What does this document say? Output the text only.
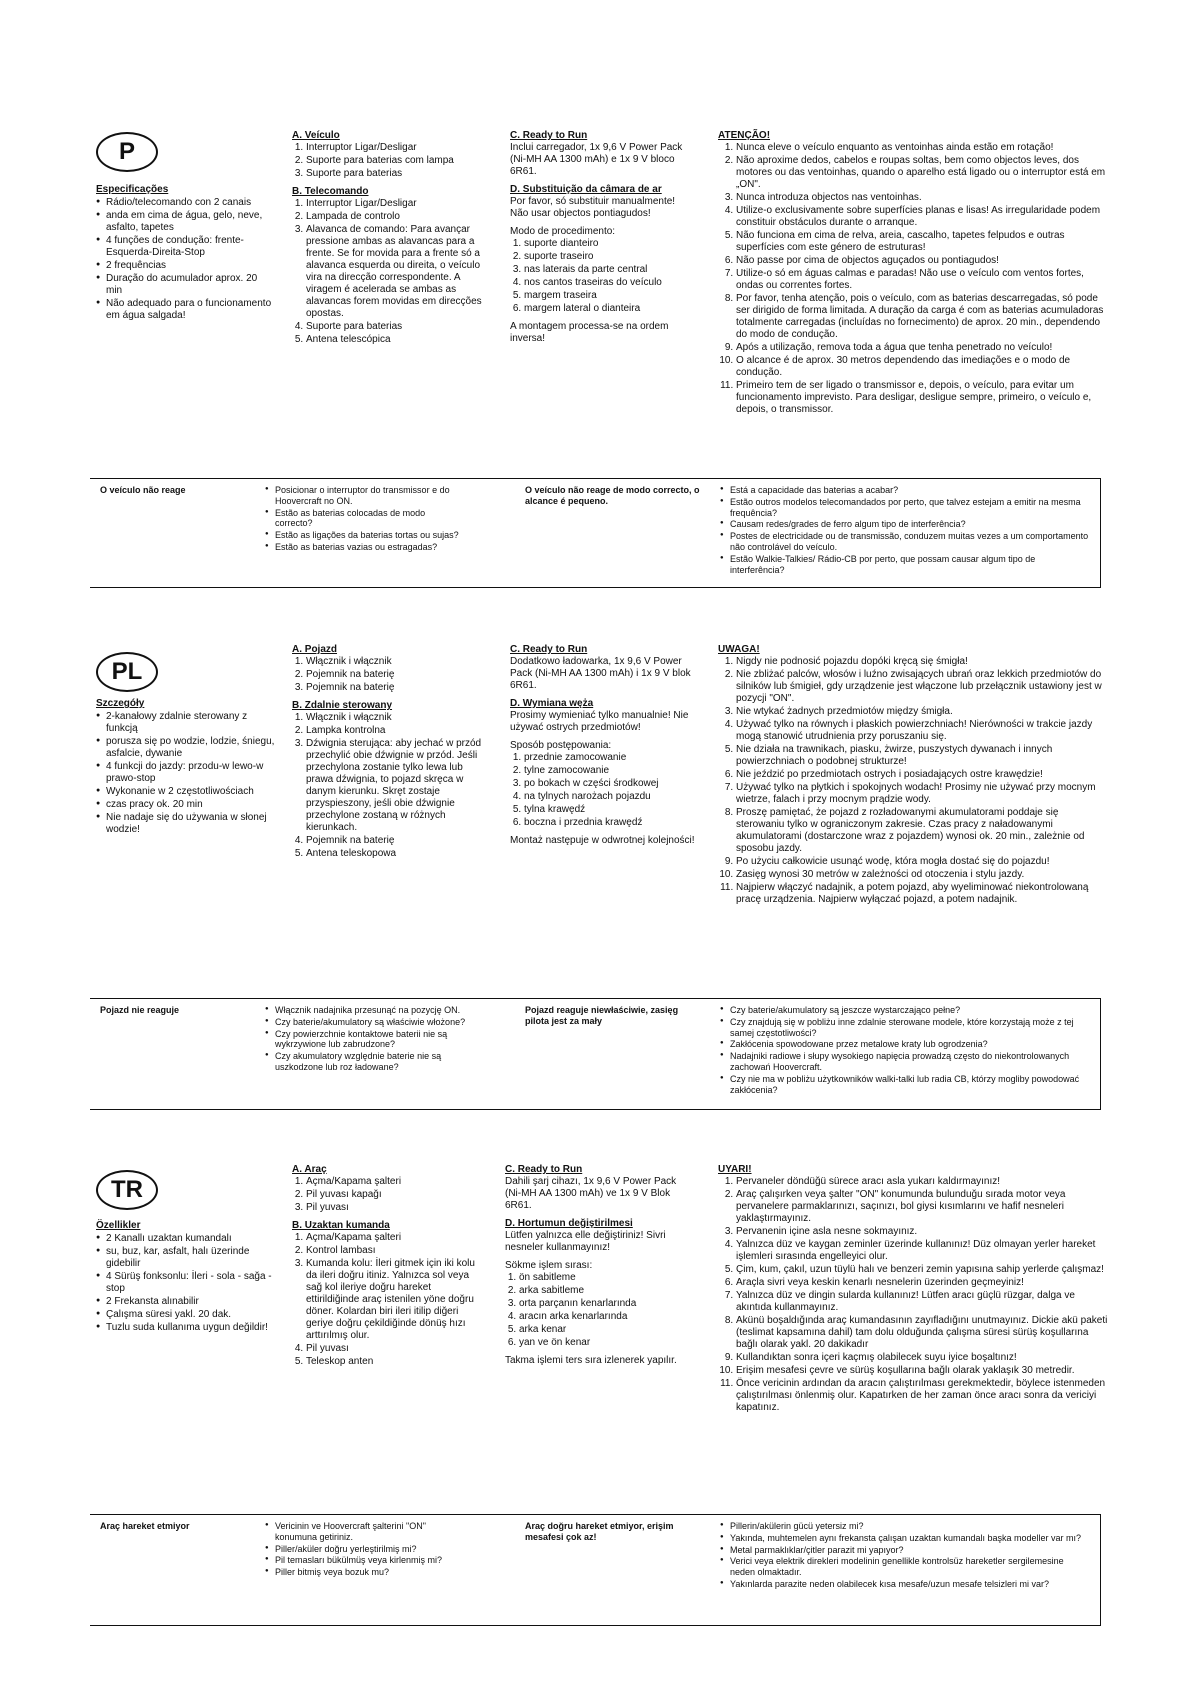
P
Especificações
● Rádio/telecomando con 2 canais
● anda em cima de água, gelo, neve, asfalto, tapetes
● 4 funções de condução: frente-Esquerda-Direita-Stop
● 2 frequências
● Duração do acumulador aprox. 20 min
● Não adequado para o funcionamento em água salgada!
A. Veículo
1. Interruptor Ligar/Desligar
2. Suporte para baterias com lampa
3. Suporte para baterias
B. Telecomando
1. Interruptor Ligar/Desligar
2. Lampada de controlo
3. Alavanca de comando: Para avançar pressione ambas as alavancas para a frente. Se for movida para a frente só a alavanca esquerda ou direita, o veículo vira na direcção correspondente. A viragem é acelerada se ambas as alavancas forem movidas em direcções opostas.
4. Suporte para baterias
5. Antena telescópica
C. Ready to Run

Inclui carregador, 1x 9,6 V Power Pack (Ni-MH AA 1300 mAh) e 1x 9 V bloco 6R61.

D. Substituição da câmara de ar

Por favor, só substituir manualmente! Não usar objectos pontiagudos!

Modo de procedimento:

1. suporte dianteiro
2. suporte traseiro
3. nas laterais da parte central
4. nos cantos traseiras do veículo
5. margem traseira
6. margem lateral o dianteira

A montagem processa-se na ordem inversa!

ATENÇÃO!
1. Nunca eleve o veículo enquanto as ventoinhas ainda estão em rotação!
2. Não aproxime dedos, cabelos e roupas soltas, bem como objectos leves, dos motores ou das ventoinhas, quando o aparelho está ligado ou o interruptor está em „ON".
3. Nunca introduza objectos nas ventoinhas.
4. Utilize-o exclusivamente sobre superfícies planas e lisas! As irregularidade podem constituir obstáculos durante o arranque.
5. Não funciona em cima de relva, areia, cascalho, tapetes felpudos e outras superfícies com este género de estruturas!
6. Não passe por cima de objectos aguçados ou pontiagudos!
7. Utilize-o só em águas calmas e paradas! Não use o veículo com ventos fortes, ondas ou correntes fortes.
8. Por favor, tenha atenção, pois o veículo, com as baterias descarregadas, só pode ser dirigido de forma limitada. A duração da carga é com as baterias acumuladoras totalmente carregadas (incluídas no fornecimento) de aprox. 20 min., dependendo do modo de condução.
9. Após a utilização, remova toda a água que tenha penetrado no veículo!
10. O alcance é de aprox. 30 metros dependendo das imediações e o modo de condução.
11. Primeiro tem de ser ligado o transmissor e, depois, o veículo, para evitar um funcionamento imprevisto. Para desligar, desligue sempre, primeiro, o veículo e, depois, o transmissor.
O veículo não reage	● Posicionar o interruptor do transmissor e do Hoovercraft no ON.
● Estão as baterias colocadas de modo correcto?
● Estão as ligações da baterias tortas ou sujas?
● Estão as baterias vazias ou estragadas?
O veículo não reage de modo correcto, o alcance é pequeno.
● Está a capacidade das baterias a acabar?
● Estão outros modelos telecomandados por perto, que talvez estejam a emitir na mesma frequência?
● Causam redes/grades de ferro algum tipo de interferência?
● Postes de electricidade ou de transmissão, conduzem muitas vezes a um comportamento não controlável do veículo.
● Estão Walkie-Talkies/ Rádio-CB por perto, que possam causar algum tipo de interferência?
PL
Szczegóły
● 2-kanałowy zdalnie sterowany z funkcją
● porusza się po wodzie, lodzie, śniegu, asfalcie, dywanie
● 4 funkcji do jazdy: przodu-w lewo-w prawo-stop
● Wykonanie w 2 częstotliwościach
● czas pracy ok. 20 min
● Nie nadaje się do używania w słonej wodzie!
A. Pojazd
1. Włącznik i włącznik
2. Pojemnik na baterię
3. Pojemnik na baterię
B. Zdalnie sterowany
1. Włącznik i włącznik
2. Lampka kontrolna
3. Dźwignia sterująca: aby jechać w przód przechylić obie dźwignie w przód. Jeśli przechylona zostanie tylko lewa lub prawa dźwignia, to pojazd skręca w danym kierunku. Skręt zostaje przyspieszony, jeśli obie dźwignie przechylone zostaną w różnych kierunkach.
4. Pojemnik na baterię
5. Antena teleskopowa
C. Ready to Run

Dodatkowo ładowarka, 1x 9,6 V Power Pack (Ni-MH AA 1300 mAh) i 1x 9 V blok 6R61.

D. Wymiana węża

Prosimy wymieniać tylko manualnie! Nie używać ostrych przedmiotów!

Sposób postępowania:

1. przednie zamocowanie
2. tylne zamocowanie
3. po bokach w części środkowej
4. na tylnych narożach pojazdu
5. tylna krawędź
6. boczna i przednia krawędź

Montaż następuje w odwrotnej kolejności!

UWAGA!
1. Nigdy nie podnosić pojazdu dopóki kręcą się śmigła!
2. Nie zbliżać palców, włosów i luźno zwisających ubrań oraz lekkich przedmiotów do silników lub śmigieł, gdy urządzenie jest włączone lub przełącznik ustawiony jest w pozycji "ON".
3. Nie wtykać żadnych przedmiotów między śmigła.
4. Używać tylko na równych i płaskich powierzchniach! Nierówności w trakcie jazdy mogą stanowić utrudnienia przy poruszaniu się.
5. Nie działa na trawnikach, piasku, żwirze, puszystych dywanach i innych powierzchniach o podobnej strukturze!
6. Nie jeździć po przedmiotach ostrych i posiadających ostre krawędzie!
7. Używać tylko na płytkich i spokojnych wodach! Prosimy nie używać przy mocnym wietrze, falach i przy mocnym prądzie wody.
8. Proszę pamiętać, że pojazd z rozładowanymi akumulatorami poddaje się sterowaniu tylko w ograniczonym zakresie. Czas pracy z naładowanymi akumulatorami (dostarczone wraz z pojazdem) wynosi ok. 20 min., zależnie od sposobu jazdy.
9. Po użyciu całkowicie usunąć wodę, która mogła dostać się do pojazdu!
10. Zasięg wynosi 30 metrów w zależności od otoczenia i stylu jazdy.
11. Najpierw włączyć nadajnik, a potem pojazd, aby wyeliminować niekontrolowaną pracę urządzenia. Najpierw wyłączać pojazd, a potem nadajnik.
Pojazd nie reaguje	● Włącznik nadajnika przesunąć na pozycję ON.
● Czy baterie/akumulatory są właściwie włożone?
● Czy powierzchnie kontaktowe baterii nie są wykrzywione lub zabrudzone?
● Czy akumulatory względnie baterie nie są uszkodzone lub roz ładowane?
Pojazd reaguje niewłaściwie, zasięg pilota jest za mały
● Czy baterie/akumulatory są jeszcze wystarczająco pełne?
● Czy znajdują się w pobliżu inne zdalnie sterowane modele, które korzystają może z tej samej częstotliwości?
● Zakłócenia spowodowane przez metalowe kraty lub ogrodzenia?
● Nadajniki radiowe i słupy wysokiego napięcia prowadzą często do niekontrolowanych zachowań Hoovercraft.
● Czy nie ma w pobliżu użytkowników walki-talki lub radia CB, którzy mogliby powodować zakłócenia?
TR
Özellikler
● 2 Kanallı uzaktan kumandalı
● su, buz, kar, asfalt, halı üzerinde gidebilir
● 4 Sürüş fonksonlu: İleri - sola - sağa - stop
● 2 Frekansta alınabilir
● Çalışma süresi yakl. 20 dak.
● Tuzlu suda kullanıma uygun değildir!
A. Araç
1. Açma/Kapama şalteri
2. Pil yuvası kapağı
3. Pil yuvası
B. Uzaktan kumanda
1. Açma/Kapama şalteri
2. Kontrol lambası
3. Kumanda kolu: İleri gitmek için iki kolu da ileri doğru itiniz. Yalnızca sol veya sağ kol ileriye doğru hareket ettirildiğinde araç istenilen yöne doğru döner. Kolardan biri ileri itilip diğeri geriye doğru çekildiğinde dönüş hızı arttırılmış olur.
4. Pil yuvası
5. Teleskop anten
C. Ready to Run

Dahili şarj cihazı, 1x 9,6 V Power Pack (Ni-MH AA 1300 mAh) ve 1x 9 V Blok 6R61.

D. Hortumun değiştirilmesi

Lütfen yalnızca elle değiştiriniz! Sivri nesneler kullanmayınız!

Sökme işlem sırası:

1. ön sabitleme
2. arka sabitleme
3. orta parçanın kenarlarında
4. aracın arka kenarlarında
5. arka kenar
6. yan ve ön kenar

Takma işlemi ters sıra izlenerek yapılır.

UYARI!
1. Pervaneler döndüğü sürece aracı asla yukarı kaldırmayınız!
2. Araç çalışırken veya şalter "ON" konumunda bulunduğu sırada motor veya pervanelere parmaklarınızı, saçınızı, bol giysi kısımlarını ve hafif nesneleri yaklaştırmayınız.
3. Pervanenin içine asla nesne sokmayınız.
4. Yalnızca düz ve kaygan zeminler üzerinde kullanınız! Düz olmayan yerler hareket işlemleri sırasında engelleyici olur.
5. Çim, kum, çakıl, uzun tüylü halı ve benzeri zemin yapısına sahip yerlerde çalışmaz!
6. Araçla sivri veya keskin kenarlı nesnelerin üzerinden geçmeyiniz!
7. Yalnızca düz ve dingin sularda kullanınız! Lütfen aracı güçlü rüzgar, dalga ve akıntıda kullanmayınız.
8. Akünü boşaldığında araç kumandasının zayıfladığını unutmayınız. Dickie akü paketi (teslimat kapsamına dahil) tam dolu olduğunda çalışma süresi sürüş koşullarına bağlı olarak yakl. 20 dakikadır
9. Kullandıktan sonra içeri kaçmış olabilecek suyu iyice boşaltınız!
10. Erişim mesafesi çevre ve sürüş koşullarına bağlı olarak yaklaşık 30 metredir.
11. Önce vericinin ardından da aracın çalıştırılması gerekmektedir, böylece istenmeden çalıştırılması önlenmiş olur. Kapatırken de her zaman önce aracı sonra da vericiyi kapatınız.
Araç hareket etmiyor	● Vericinin ve Hoovercraft şalterini "ON" konumuna getiriniz.
● Piller/aküler doğru yerleştirilmiş mi?
● Pil temasları bükülmüş veya kirlenmiş mi?
● Piller bitmiş veya bozuk mu?
Araç doğru hareket etmiyor, erişim mesafesi çok az!
● Pillerin/akülerin gücü yetersiz mi?
● Yakında, muhtemelen aynı frekansta çalışan uzaktan kumandalı başka modeller var mı?
● Metal parmaklıklar/çitler parazit mi yapıyor?
● Verici veya elektrik direkleri modelinin genellikle kontrolsüz hareketler sergilemesine neden olmaktadır.
● Yakınlarda parazite neden olabilecek kısa mesafe/uzun mesafe telsizleri mi var?
